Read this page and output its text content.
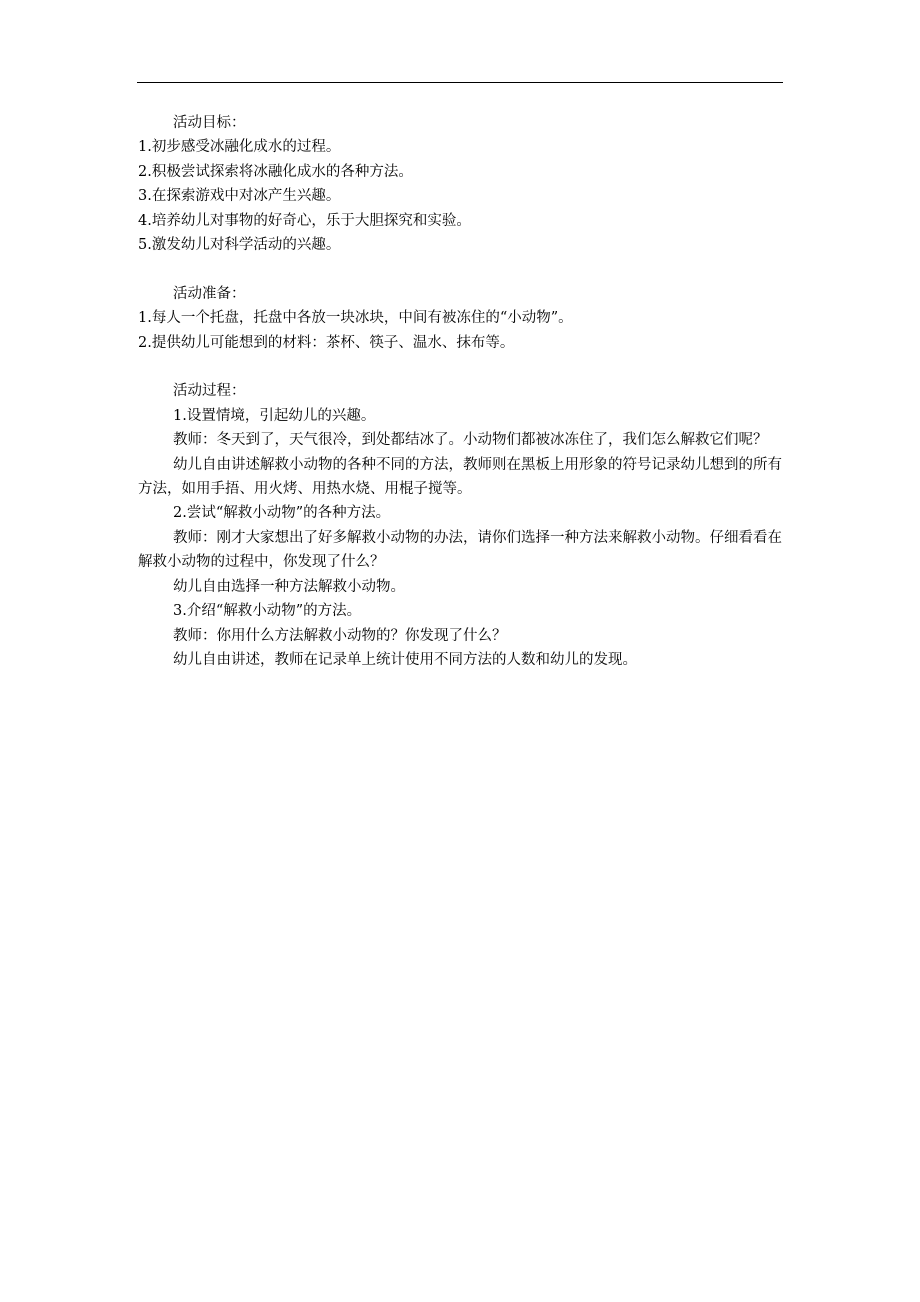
活动目标：

1.初步感受冰融化成水的过程。

2.积极尝试探索将冰融化成水的各种方法。

3.在探索游戏中对冰产生兴趣。

4.培养幼儿对事物的好奇心，乐于大胆探究和实验。

5.激发幼儿对科学活动的兴趣。

活动准备：

1.每人一个托盘，托盘中各放一块冰块，中间有被冻住的“小动物”。

2.提供幼儿可能想到的材料：茶杯、筷子、温水、抹布等。

活动过程：

1.设置情境，引起幼儿的兴趣。

教师：冬天到了，天气很冷，到处都结冰了。小动物们都被冰冻住了，我们怎么解救它们呢？

幼儿自由讲述解救小动物的各种不同的方法，教师则在黑板上用形象的符号记录幼儿想到的所有方法，如用手捂、用火烤、用热水烧、用棍子搅等。

2.尝试“解救小动物”的各种方法。

教师：刚才大家想出了好多解救小动物的办法，请你们选择一种方法来解救小动物。仔细看看在解救小动物的过程中，你发现了什么？

幼儿自由选择一种方法解救小动物。

3.介绍“解救小动物”的方法。

教师：你用什么方法解救小动物的？你发现了什么？

幼儿自由讲述，教师在记录单上统计使用不同方法的人数和幼儿的发现。
